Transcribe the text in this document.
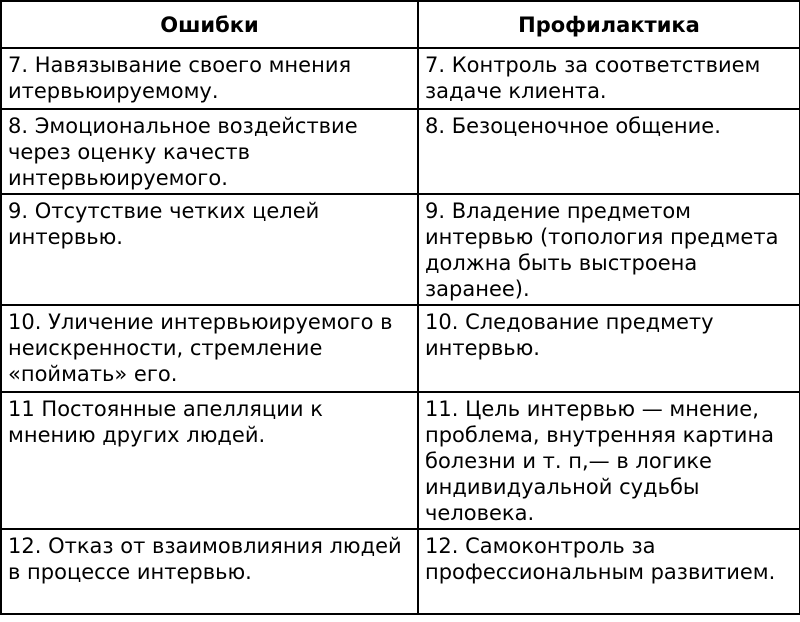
Ошибки	Профилактика
7. Навязывание своего мнения итервьюируемому.	7. Контроль за соответствием задаче клиента.
8. Эмоциональное воздействие через оценку качеств интервьюируемого.	8. Безоценочное общение.
9. Отсутствие четких целей интервью.	9. Владение предметом интервью (топология предмета должна быть выстроена заранее).
10. Уличение интервьюируемого в неискренности, стремление «поймать» его.	10. Следование предмету интервью.
11 Постоянные апелляции к мнению других людей.	11. Цель интервью — мнение, проблема, внутренняя картина болезни и т. п,— в логике индивидуальной судьбы человека.
12. Отказ от взаимовлияния людей в процессе интервью.	12. Самоконтроль за профессиональным развитием.
